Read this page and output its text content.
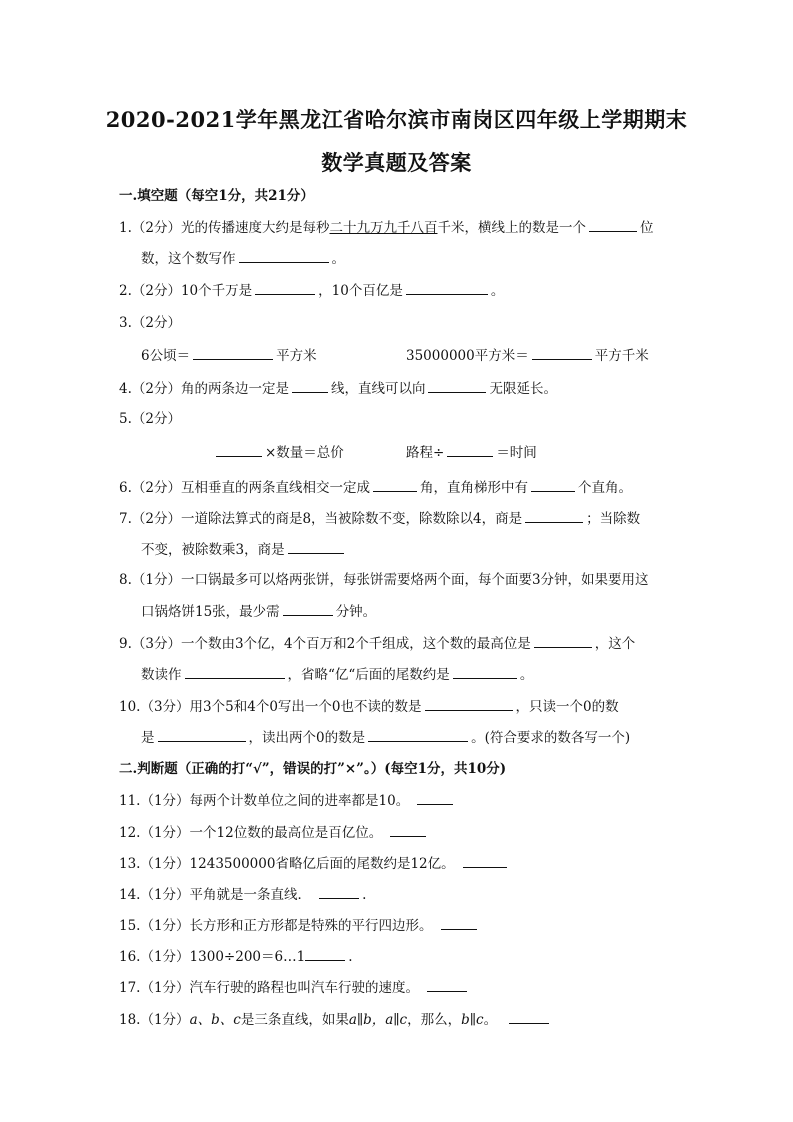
2020-2021学年黑龙江省哈尔滨市南岗区四年级上学期期末
数学真题及答案
一.填空题（每空1分，共21分）
1.（2分）光的传播速度大约是每秒二十九万九千八百千米，横线上的数是一个	位
数，这个数写作	。
2.（2分）10个千万是	，10个百亿是	。
3.（2分）
6公顷＝	平方米	35000000平方米＝	平方千米
4.（2分）角的两条边一定是	线，直线可以向	无限延长。
5.（2分）
×数量＝总价	路程÷	＝时间
6.（2分）互相垂直的两条直线相交一定成	角，直角梯形中有	个直角。
7.（2分）一道除法算式的商是8，当被除数不变，除数除以4，商是	；当除数
不变，被除数乘3，商是
8.（1分）一口锅最多可以烙两张饼，每张饼需要烙两个面，每个面要3分钟，如果要用这
口锅烙饼15张，最少需	分钟。
9.（3分）一个数由3个亿，4个百万和2个千组成，这个数的最高位是	，这个
数读作	，省略“亿“后面的尾数约是	。
10.（3分）用3个5和4个0写出一个0也不读的数是	，只读一个0的数
是	，读出两个0的数是	。(符合要求的数各写一个)
二.判断题（正确的打“√”，错误的打”×”。）(每空1分，共10分)
11.（1分）每两个计数单位之间的进率都是10。
12.（1分）一个12位数的最高位是百亿位。
13.（1分）1243500000省略亿后面的尾数约是12亿。
14.（1分）平角就是一条直线．	.
15.（1分）长方形和正方形都是特殊的平行四边形。
16.（1分）1300÷200＝6…1	.
17.（1分）汽车行驶的路程也叫汽车行驶的速度。
18.（1分）a、b、c是三条直线，如果a∥b，a∥c，那么，b∥c。
